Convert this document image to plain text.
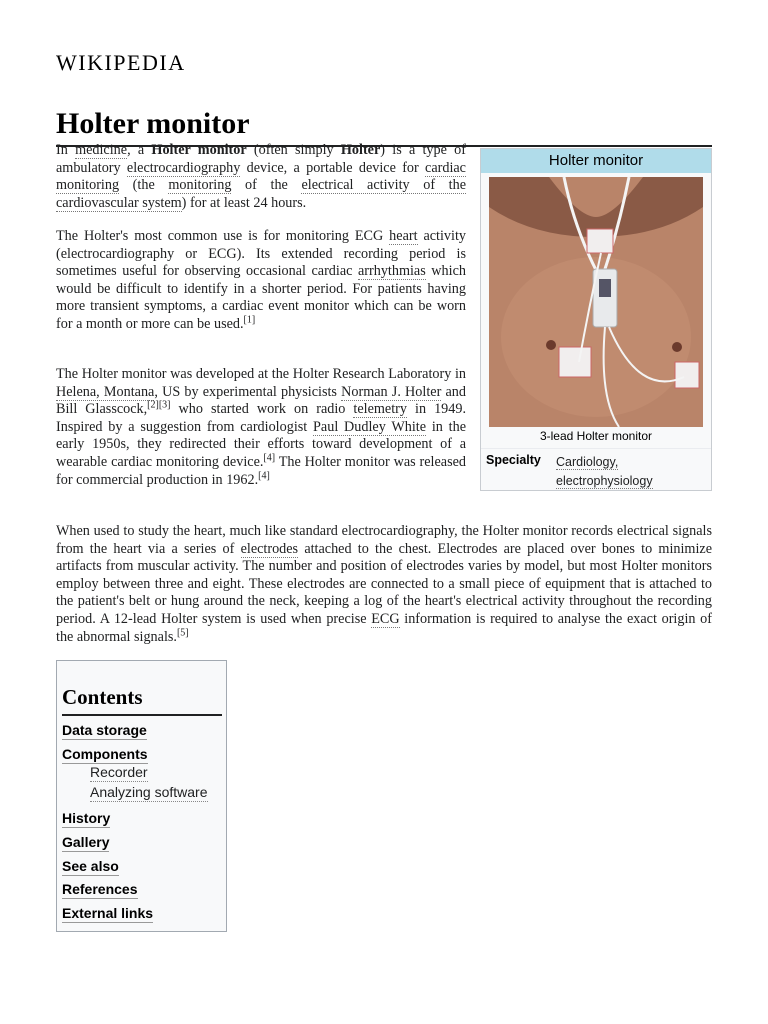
WIKIPEDIA
Holter monitor

In medicine, a Holter monitor (often simply Holter) is a type of ambulatory electrocardiography device, a portable device for cardiac monitoring (the monitoring of the electrical activity of the cardiovascular system) for at least 24 hours.

The Holter's most common use is for monitoring ECG heart activity (electrocardiography or ECG). Its extended recording period is sometimes useful for observing occasional cardiac arrhythmias which would be difficult to identify in a shorter period. For patients having more transient symptoms, a cardiac event monitor which can be worn for a month or more can be used.[1]

The Holter monitor was developed at the Holter Research Laboratory in Helena, Montana, US by experimental physicists Norman J. Holter and Bill Glasscock,[2][3] who started work on radio telemetry in 1949. Inspired by a suggestion from cardiologist Paul Dudley White in the early 1950s, they redirected their efforts toward development of a wearable cardiac monitoring device.[4] The Holter monitor was released for commercial production in 1962.[4]

When used to study the heart, much like standard electrocardiography, the Holter monitor records electrical signals from the heart via a series of electrodes attached to the chest. Electrodes are placed over bones to minimize artifacts from muscular activity. The number and position of electrodes varies by model, but most Holter monitors employ between three and eight. These electrodes are connected to a small piece of equipment that is attached to the patient's belt or hung around the neck, keeping a log of the heart's electrical activity throughout the recording period. A 12-lead Holter system is used when precise ECG information is required to analyse the exact origin of the abnormal signals.[5]

Holter monitor
3-lead Holter monitor
Specialty Cardiology,
electrophysiology
Contents
Data storage
Components
Recorder
Analyzing software
History
Gallery
See also
References
External links
